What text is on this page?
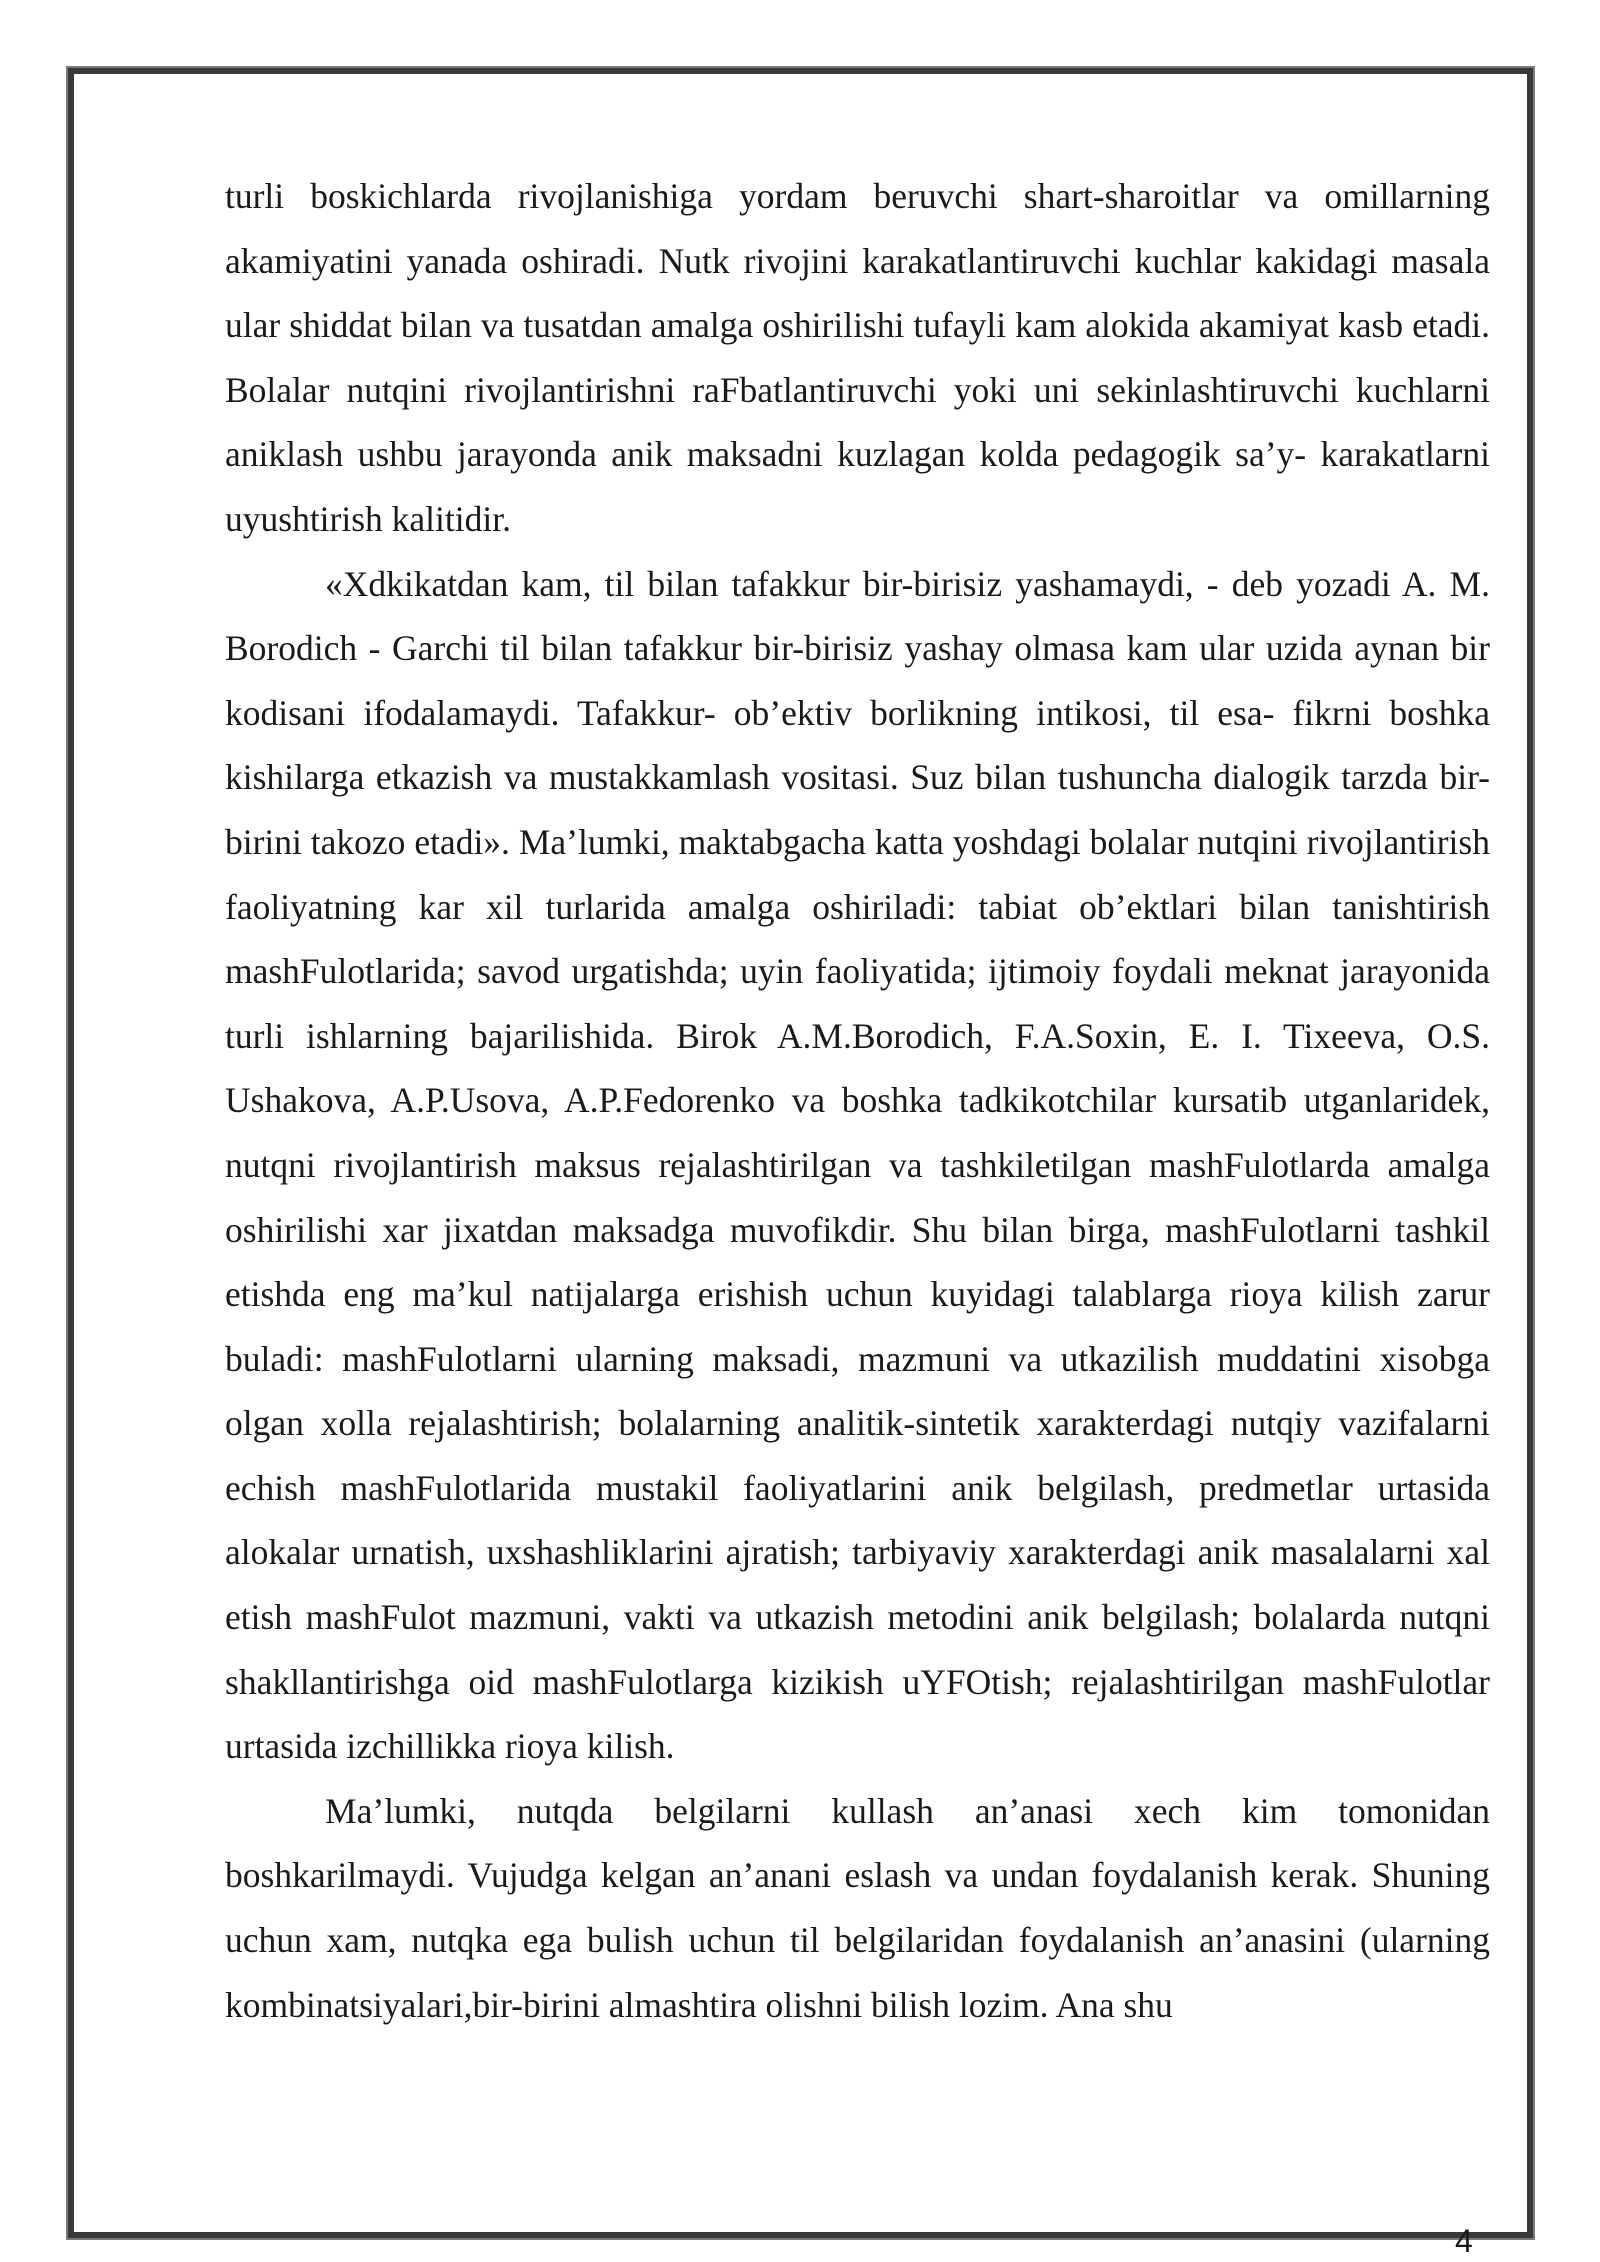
turli boskichlarda rivojlanishiga yordam beruvchi shart-sharoitlar va omillarning akamiyatini yanada oshiradi. Nutk rivojini karakatlantiruvchi kuchlar kakidagi masala ular shiddat bilan va tusatdan amalga oshirilishi tufayli kam alokida akamiyat kasb etadi. Bolalar nutqini rivojlantirishni raFbatlantiruvchi yoki uni sekinlashtiruvchi kuchlarni aniklash ushbu jarayonda anik maksadni kuzlagan kolda pedagogik sa’y- karakatlarni uyushtirish kalitidir.

«Xdkikatdan kam, til bilan tafakkur bir-birisiz yashamaydi, - deb yozadi A. M. Borodich - Garchi til bilan tafakkur bir-birisiz yashay olmasa kam ular uzida aynan bir kodisani ifodalamaydi. Tafakkur- ob’ektiv borlikning intikosi, til esa- fikrni boshka kishilarga etkazish va mustakkamlash vositasi. Suz bilan tushuncha dialogik tarzda bir-birini takozo etadi». Ma’lumki, maktabgacha katta yoshdagi bolalar nutqini rivojlantirish faoliyatning kar xil turlarida amalga oshiriladi: tabiat ob’ektlari bilan tanishtirish mashFulotlarida; savod urgatishda; uyin faoliyatida; ijtimoiy foydali meknat jarayonida turli ishlarning bajarilishida. Birok A.M.Borodich, F.A.Soxin, E. I. Tixeeva, O.S. Ushakova, A.P.Usova, A.P.Fedorenko va boshka tadkikotchilar kursatib utganlaridek, nutqni rivojlantirish maksus rejalashtirilgan va tashkiletilgan mashFulotlarda amalga oshirilishi xar jixatdan maksadga muvofikdir. Shu bilan birga, mashFulotlarni tashkil etishda eng ma’kul natijalarga erishish uchun kuyidagi talablarga rioya kilish zarur buladi: mashFulotlarni ularning maksadi, mazmuni va utkazilish muddatini xisobga olgan xolla rejalashtirish; bolalarning analitik-sintetik xarakterdagi nutqiy vazifalarni echish mashFulotlarida mustakil faoliyatlarini anik belgilash, predmetlar urtasida alokalar urnatish, uxshashliklarini ajratish; tarbiyaviy xarakterdagi anik masalalarni xal etish mashFulot mazmuni, vakti va utkazish metodini anik belgilash; bolalarda nutqni shakllantirishga oid mashFulotlarga kizikish uYFOtish; rejalashtirilgan mashFulotlar urtasida izchillikka rioya kilish.

Ma’lumki, nutqda belgilarni kullash an’anasi xech kim tomonidan boshkarilmaydi. Vujudga kelgan an’anani eslash va undan foydalanish kerak. Shuning uchun xam, nutqka ega bulish uchun til belgilaridan foydalanish an’anasini (ularning kombinatsiyalari,bir-birini almashtira olishni bilish lozim. Ana shu

4
